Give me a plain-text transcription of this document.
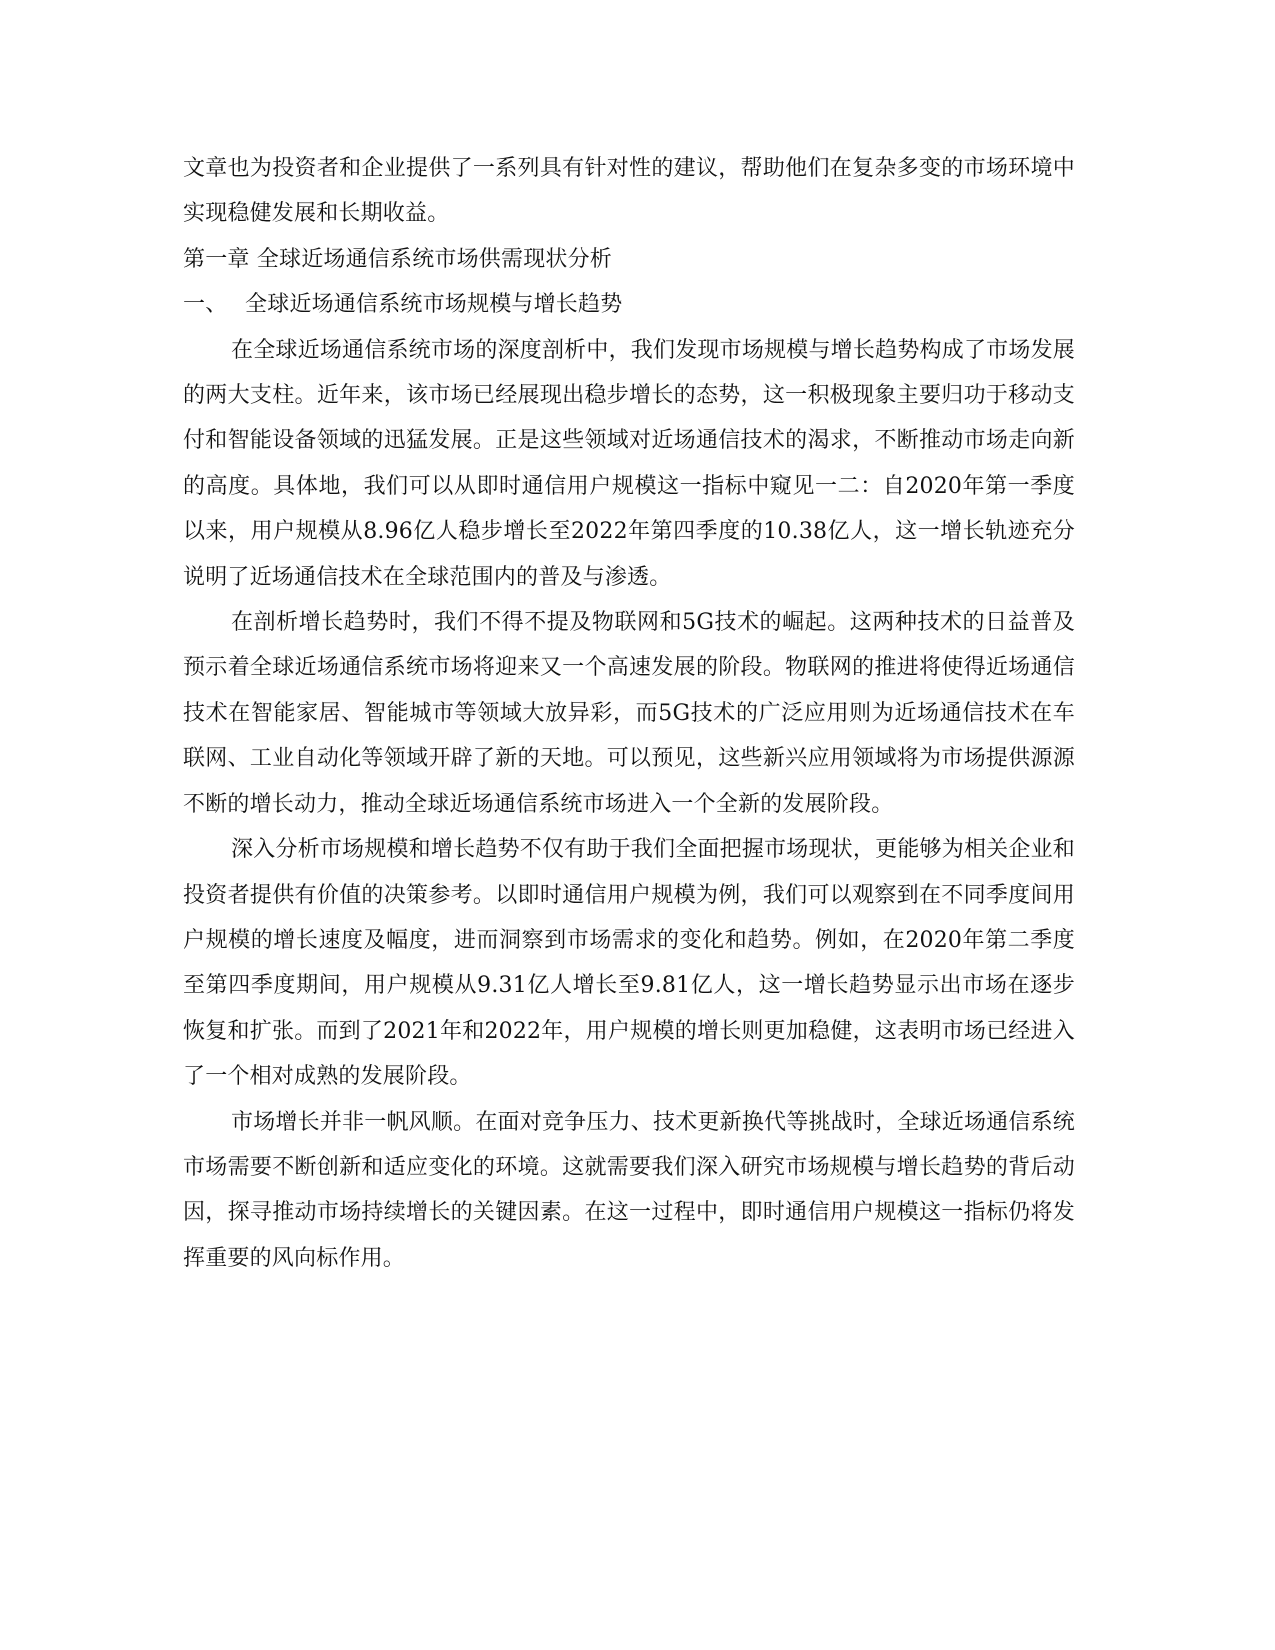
文章也为投资者和企业提供了一系列具有针对性的建议，帮助他们在复杂多变的市场环境中实现稳健发展和长期收益。

第一章 全球近场通信系统市场供需现状分析

一、 全球近场通信系统市场规模与增长趋势

在全球近场通信系统市场的深度剖析中，我们发现市场规模与增长趋势构成了市场发展的两大支柱。近年来，该市场已经展现出稳步增长的态势，这一积极现象主要归功于移动支付和智能设备领域的迅猛发展。正是这些领域对近场通信技术的渴求，不断推动市场走向新的高度。具体地，我们可以从即时通信用户规模这一指标中窥见一二：自2020年第一季度以来，用户规模从8.96亿人稳步增长至2022年第四季度的10.38亿人，这一增长轨迹充分说明了近场通信技术在全球范围内的普及与渗透。

在剖析增长趋势时，我们不得不提及物联网和5G技术的崛起。这两种技术的日益普及预示着全球近场通信系统市场将迎来又一个高速发展的阶段。物联网的推进将使得近场通信技术在智能家居、智能城市等领域大放异彩，而5G技术的广泛应用则为近场通信技术在车联网、工业自动化等领域开辟了新的天地。可以预见，这些新兴应用领域将为市场提供源源不断的增长动力，推动全球近场通信系统市场进入一个全新的发展阶段。

深入分析市场规模和增长趋势不仅有助于我们全面把握市场现状，更能够为相关企业和投资者提供有价值的决策参考。以即时通信用户规模为例，我们可以观察到在不同季度间用户规模的增长速度及幅度，进而洞察到市场需求的变化和趋势。例如，在2020年第二季度至第四季度期间，用户规模从9.31亿人增长至9.81亿人，这一增长趋势显示出市场在逐步恢复和扩张。而到了2021年和2022年，用户规模的增长则更加稳健，这表明市场已经进入了一个相对成熟的发展阶段。

市场增长并非一帆风顺。在面对竞争压力、技术更新换代等挑战时，全球近场通信系统市场需要不断创新和适应变化的环境。这就需要我们深入研究市场规模与增长趋势的背后动因，探寻推动市场持续增长的关键因素。在这一过程中，即时通信用户规模这一指标仍将发挥重要的风向标作用。
